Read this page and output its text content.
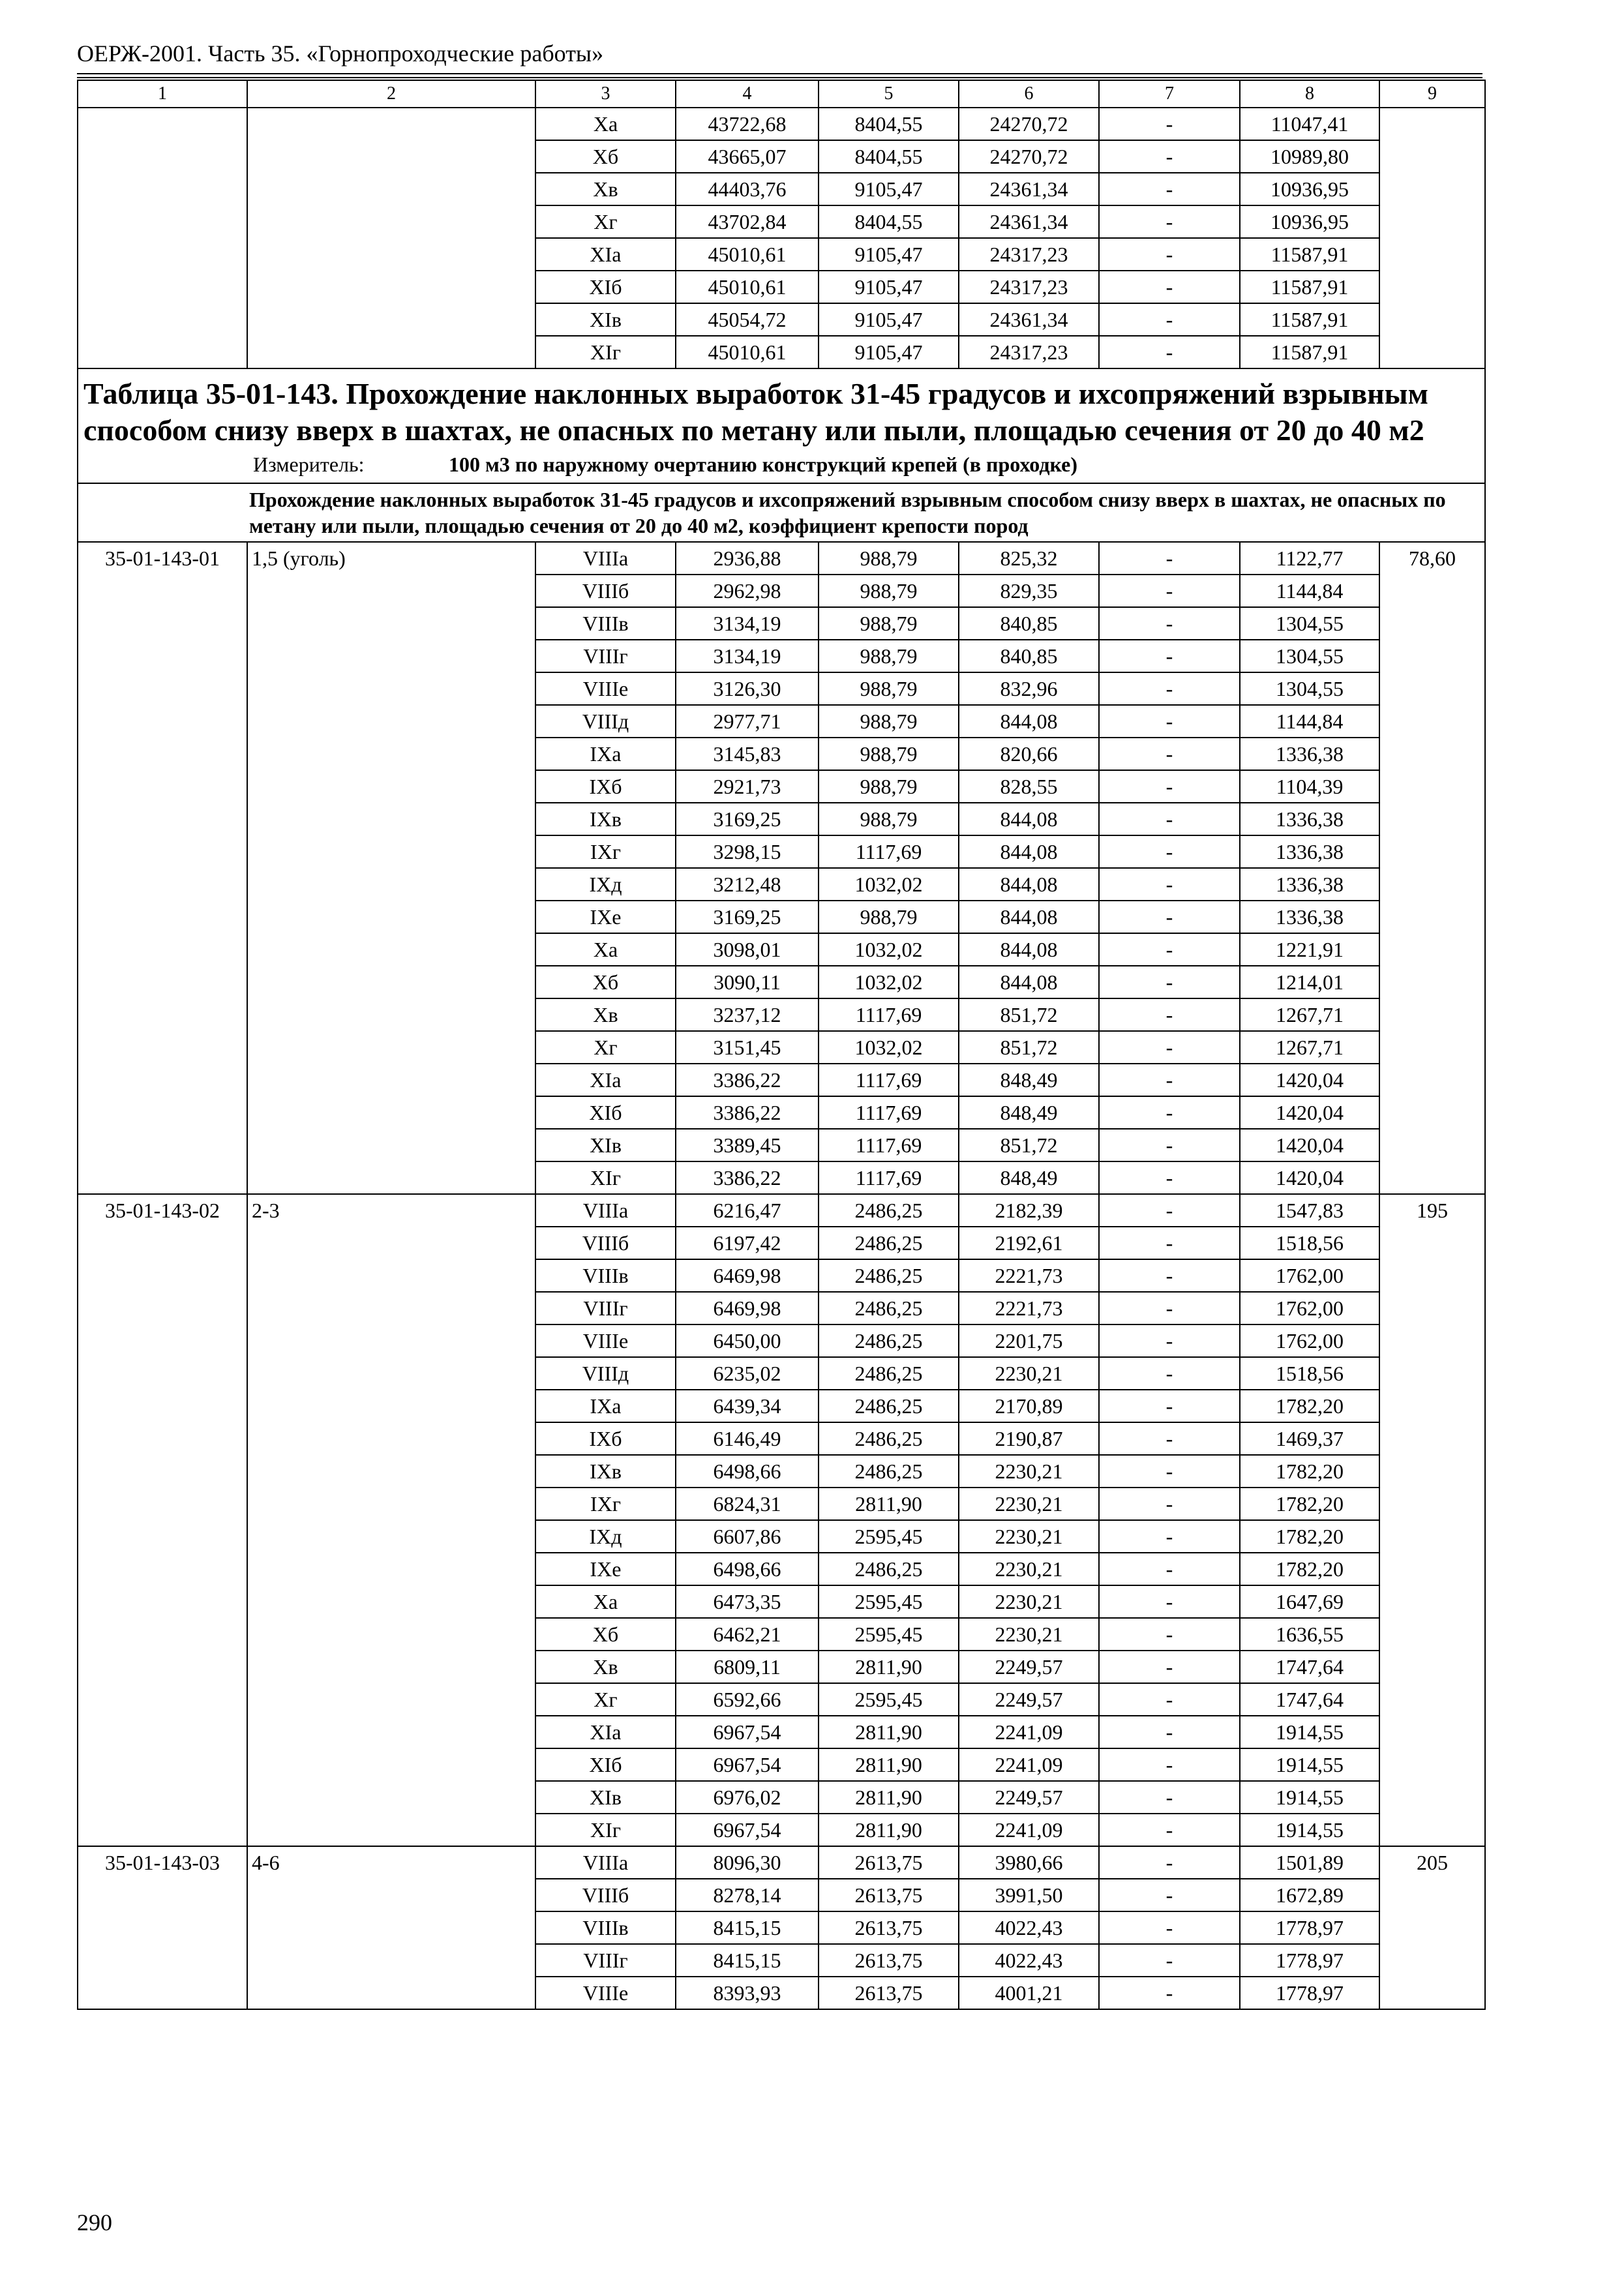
ОЕРЖ-2001. Часть 35. «Горнопроходческие работы»
1	2	3	4	5	6	7	8	9
		Xa	43722,68	8404,55	24270,72	-	11047,41	
		Xб	43665,07	8404,55	24270,72	-	10989,80	
		Xв	44403,76	9105,47	24361,34	-	10936,95	
		Xг	43702,84	8404,55	24361,34	-	10936,95	
		XIa	45010,61	9105,47	24317,23	-	11587,91	
		XIб	45010,61	9105,47	24317,23	-	11587,91	
		XIв	45054,72	9105,47	24361,34	-	11587,91	
		XIг	45010,61	9105,47	24317,23	-	11587,91	

Таблица 35-01-143. Прохождение наклонных выработок 31-45 градусов и ихсопряжений взрывным способом снизу вверх в шахтах, не опасных по метану или пыли, площадью сечения от 20 до 40 м2
Измеритель: 100 м3 по наружному очертанию конструкций крепей (в проходке)								

Прохождение наклонных выработок 31-45 градусов и ихсопряжений взрывным способом снизу вверх в шахтах, не опасных по метану или пыли, площадью сечения от 20 до 40 м2, коэффициент крепости пород								
35-01-143-01	1,5 (уголь)	VIIIa	2936,88	988,79	825,32	-	1122,77	78,60
		VIIIб	2962,98	988,79	829,35	-	1144,84	
		VIIIв	3134,19	988,79	840,85	-	1304,55	
		VIIIг	3134,19	988,79	840,85	-	1304,55	
		VIIIe	3126,30	988,79	832,96	-	1304,55	
		VIIIд	2977,71	988,79	844,08	-	1144,84	
		IXa	3145,83	988,79	820,66	-	1336,38	
		IXб	2921,73	988,79	828,55	-	1104,39	
		IXв	3169,25	988,79	844,08	-	1336,38	
		IXг	3298,15	1117,69	844,08	-	1336,38	
		IXд	3212,48	1032,02	844,08	-	1336,38	
		IXe	3169,25	988,79	844,08	-	1336,38	
		Xa	3098,01	1032,02	844,08	-	1221,91	
		Xб	3090,11	1032,02	844,08	-	1214,01	
		Xв	3237,12	1117,69	851,72	-	1267,71	
		Xг	3151,45	1032,02	851,72	-	1267,71	
		XIa	3386,22	1117,69	848,49	-	1420,04	
		XIб	3386,22	1117,69	848,49	-	1420,04	
		XIв	3389,45	1117,69	851,72	-	1420,04	
		XIг	3386,22	1117,69	848,49	-	1420,04	
35-01-143-02	2-3	VIIIa	6216,47	2486,25	2182,39	-	1547,83	195
		VIIIб	6197,42	2486,25	2192,61	-	1518,56	
		VIIIв	6469,98	2486,25	2221,73	-	1762,00	
		VIIIг	6469,98	2486,25	2221,73	-	1762,00	
		VIIIe	6450,00	2486,25	2201,75	-	1762,00	
		VIIIд	6235,02	2486,25	2230,21	-	1518,56	
		IXa	6439,34	2486,25	2170,89	-	1782,20	
		IXб	6146,49	2486,25	2190,87	-	1469,37	
		IXв	6498,66	2486,25	2230,21	-	1782,20	
		IXг	6824,31	2811,90	2230,21	-	1782,20	
		IXд	6607,86	2595,45	2230,21	-	1782,20	
		IXe	6498,66	2486,25	2230,21	-	1782,20	
		Xa	6473,35	2595,45	2230,21	-	1647,69	
		Xб	6462,21	2595,45	2230,21	-	1636,55	
		Xв	6809,11	2811,90	2249,57	-	1747,64	
		Xг	6592,66	2595,45	2249,57	-	1747,64	
		XIa	6967,54	2811,90	2241,09	-	1914,55	
		XIб	6967,54	2811,90	2241,09	-	1914,55	
		XIв	6976,02	2811,90	2249,57	-	1914,55	
		XIг	6967,54	2811,90	2241,09	-	1914,55	
35-01-143-03	4-6	VIIIa	8096,30	2613,75	3980,66	-	1501,89	205
		VIIIб	8278,14	2613,75	3991,50	-	1672,89	
		VIIIв	8415,15	2613,75	4022,43	-	1778,97	
		VIIIг	8415,15	2613,75	4022,43	-	1778,97	
		VIIIe	8393,93	2613,75	4001,21	-	1778,97	
290
